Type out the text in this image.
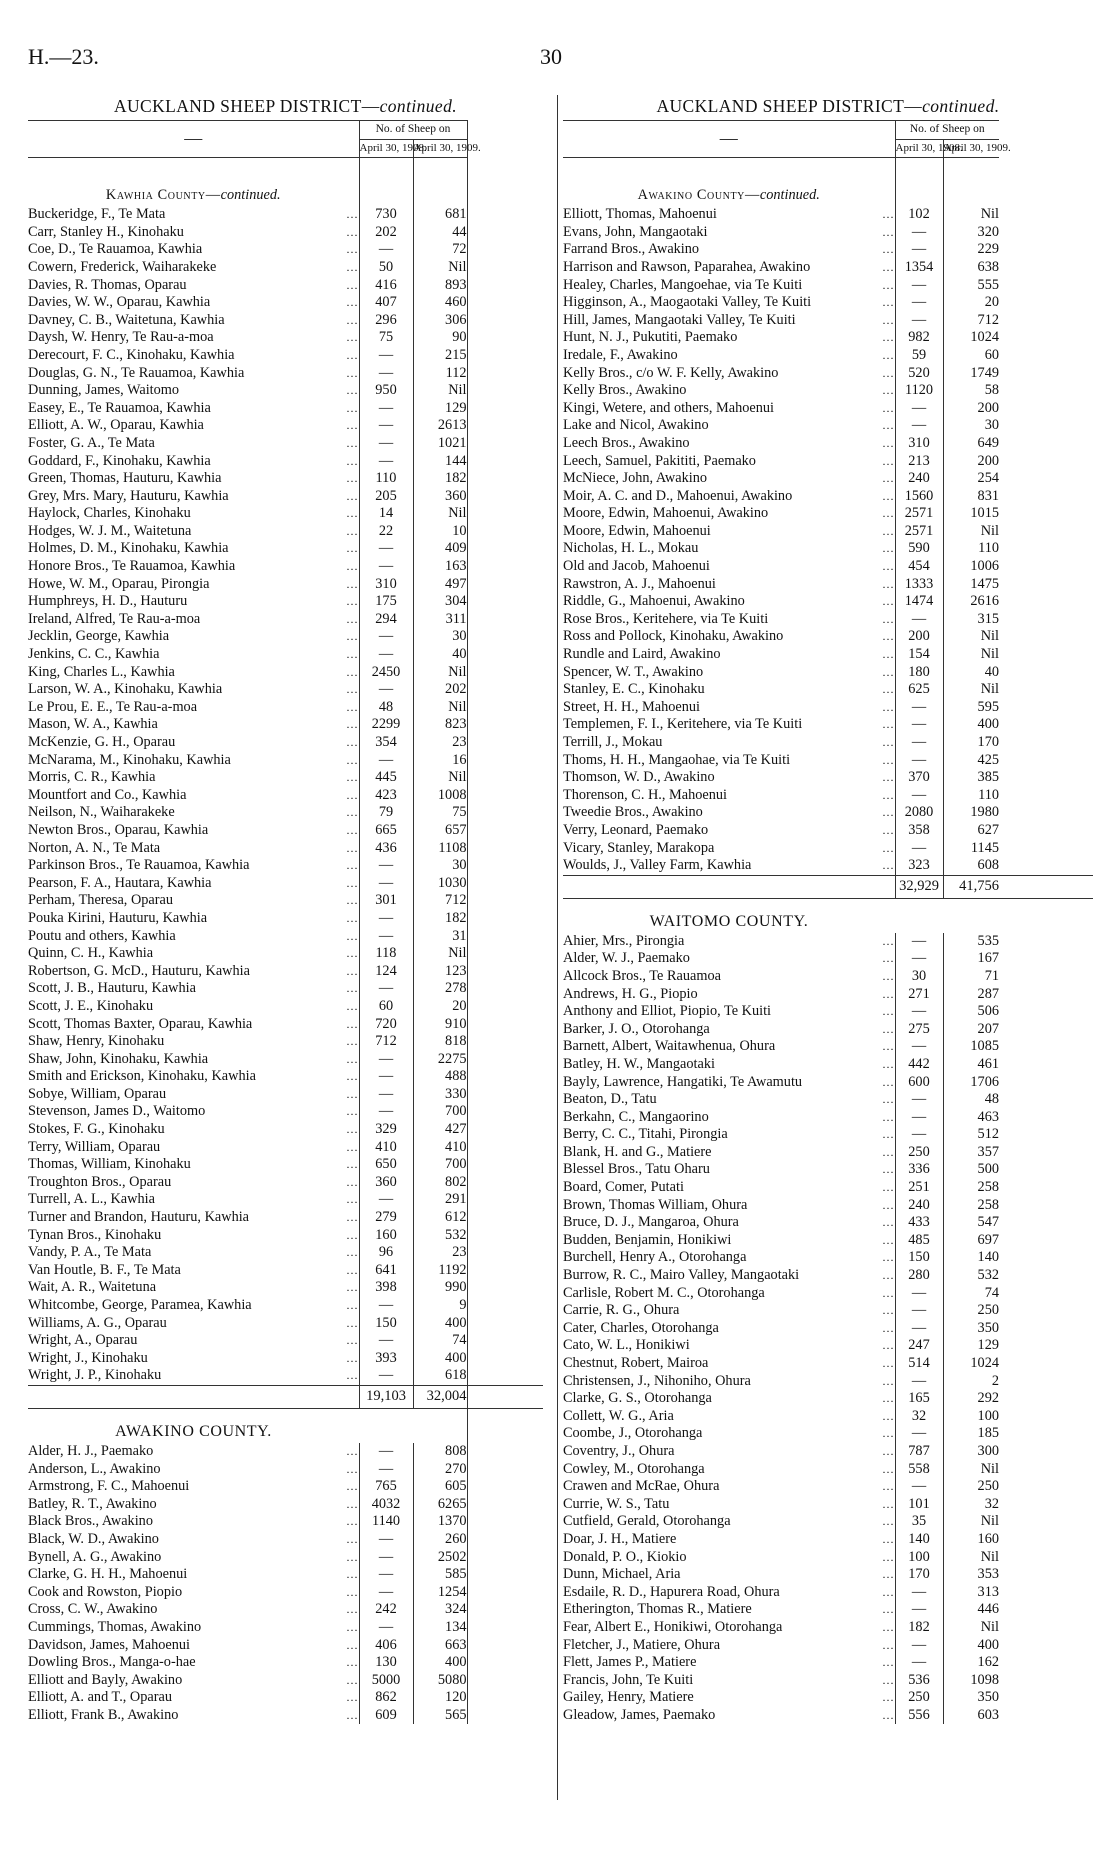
H.—23.	30
AUCKLAND SHEEP DISTRICT—continued.
—		No. of Sheep on		
		April 30, 1908.	April 30, 1909.	

Kawhia County—continued.				
Buckeridge, F., Te Mata	...	730	681	
Carr, Stanley H., Kinohaku	...	202	44	
Coe, D., Te Rauamoa, Kawhia	...	—	72	
Cowern, Frederick, Waiharakeke	...	50	Nil	
Davies, R. Thomas, Oparau	...	416	893	
Davies, W. W., Oparau, Kawhia	...	407	460	
Davney, C. B., Waitetuna, Kawhia	...	296	306	
Daysh, W. Henry, Te Rau-a-moa	...	75	90	
Derecourt, F. C., Kinohaku, Kawhia	...	—	215	
Douglas, G. N., Te Rauamoa, Kawhia	...	—	112	
Dunning, James, Waitomo	...	950	Nil	
Easey, E., Te Rauamoa, Kawhia	...	—	129	
Elliott, A. W., Oparau, Kawhia	...	—	2613	
Foster, G. A., Te Mata	...	—	1021	
Goddard, F., Kinohaku, Kawhia	...	—	144	
Green, Thomas, Hauturu, Kawhia	...	110	182	
Grey, Mrs. Mary, Hauturu, Kawhia	...	205	360	
Haylock, Charles, Kinohaku	...	14	Nil	
Hodges, W. J. M., Waitetuna	...	22	10	
Holmes, D. M., Kinohaku, Kawhia	...	—	409	
Honore Bros., Te Rauamoa, Kawhia	...	—	163	
Howe, W. M., Oparau, Pirongia	...	310	497	
Humphreys, H. D., Hauturu	...	175	304	
Ireland, Alfred, Te Rau-a-moa	...	294	311	
Jecklin, George, Kawhia	...	—	30	
Jenkins, C. C., Kawhia	...	—	40	
King, Charles L., Kawhia	...	2450	Nil	
Larson, W. A., Kinohaku, Kawhia	...	—	202	
Le Prou, E. E., Te Rau-a-moa	...	48	Nil	
Mason, W. A., Kawhia	...	2299	823	
McKenzie, G. H., Oparau	...	354	23	
McNarama, M., Kinohaku, Kawhia	...	—	16	
Morris, C. R., Kawhia	...	445	Nil	
Mountfort and Co., Kawhia	...	423	1008	
Neilson, N., Waiharakeke	...	79	75	
Newton Bros., Oparau, Kawhia	...	665	657	
Norton, A. N., Te Mata	...	436	1108	
Parkinson Bros., Te Rauamoa, Kawhia	...	—	30	
Pearson, F. A., Hautara, Kawhia	...	—	1030	
Perham, Theresa, Oparau	...	301	712	
Pouka Kirini, Hauturu, Kawhia	...	—	182	
Poutu and others, Kawhia	...	—	31	
Quinn, C. H., Kawhia	...	118	Nil	
Robertson, G. McD., Hauturu, Kawhia	...	124	123	
Scott, J. B., Hauturu, Kawhia	...	—	278	
Scott, J. E., Kinohaku	...	60	20	
Scott, Thomas Baxter, Oparau, Kawhia	...	720	910	
Shaw, Henry, Kinohaku	...	712	818	
Shaw, John, Kinohaku, Kawhia	...	—	2275	
Smith and Erickson, Kinohaku, Kawhia	...	—	488	
Sobye, William, Oparau	...	—	330	
Stevenson, James D., Waitomo	...	—	700	
Stokes, F. G., Kinohaku	...	329	427	
Terry, William, Oparau	...	410	410	
Thomas, William, Kinohaku	...	650	700	
Troughton Bros., Oparau	...	360	802	
Turrell, A. L., Kawhia	...	—	291	
Turner and Brandon, Hauturu, Kawhia	...	279	612	
Tynan Bros., Kinohaku	...	160	532	
Vandy, P. A., Te Mata	...	96	23	
Van Houtle, B. F., Te Mata	...	641	1192	
Wait, A. R., Waitetuna	...	398	990	
Whitcombe, George, Paramea, Kawhia	...	—	9	
Williams, A. G., Oparau	...	150	400	
Wright, A., Oparau	...	—	74	
Wright, J., Kinohaku	...	393	400	
Wright, J. P., Kinohaku	...	—	618	
		19,103	32,004	
AWAKINO COUNTY.				
Alder, H. J., Paemako	...	—	808	
Anderson, L., Awakino	...	—	270	
Armstrong, F. C., Mahoenui	...	765	605	
Batley, R. T., Awakino	...	4032	6265	
Black Bros., Awakino	...	1140	1370	
Black, W. D., Awakino	...	—	260	
Bynell, A. G., Awakino	...	—	2502	
Clarke, G. H. H., Mahoenui	...	—	585	
Cook and Rowston, Piopio	...	—	1254	
Cross, C. W., Awakino	...	242	324	
Cummings, Thomas, Awakino	...	—	134	
Davidson, James, Mahoenui	...	406	663	
Dowling Bros., Manga-o-hae	...	130	400	
Elliott and Bayly, Awakino	...	5000	5080	
Elliott, A. and T., Oparau	...	862	120	
Elliott, Frank B., Awakino	...	609	565	
AUCKLAND SHEEP DISTRICT—continued.
—		No. of Sheep on		
		April 30, 1908.	April 30, 1909.	

Awakino County—continued.				
Elliott, Thomas, Mahoenui	...	102	Nil	
Evans, John, Mangaotaki	...	—	320	
Farrand Bros., Awakino	...	—	229	
Harrison and Rawson, Paparahea, Awakino	...	1354	638	
Healey, Charles, Mangoehae, via Te Kuiti	...	—	555	
Higginson, A., Maogaotaki Valley, Te Kuiti	...	—	20	
Hill, James, Mangaotaki Valley, Te Kuiti	...	—	712	
Hunt, N. J., Pukutiti, Paemako	...	982	1024	
Iredale, F., Awakino	...	59	60	
Kelly Bros., c/o W. F. Kelly, Awakino	...	520	1749	
Kelly Bros., Awakino	...	1120	58	
Kingi, Wetere, and others, Mahoenui	...	—	200	
Lake and Nicol, Awakino	...	—	30	
Leech Bros., Awakino	...	310	649	
Leech, Samuel, Pakititi, Paemako	...	213	200	
McNiece, John, Awakino	...	240	254	
Moir, A. C. and D., Mahoenui, Awakino	...	1560	831	
Moore, Edwin, Mahoenui, Awakino	...	2571	1015	
Moore, Edwin, Mahoenui	...	2571	Nil	
Nicholas, H. L., Mokau	...	590	110	
Old and Jacob, Mahoenui	...	454	1006	
Rawstron, A. J., Mahoenui	...	1333	1475	
Riddle, G., Mahoenui, Awakino	...	1474	2616	
Rose Bros., Keritehere, via Te Kuiti	...	—	315	
Ross and Pollock, Kinohaku, Awakino	...	200	Nil	
Rundle and Laird, Awakino	...	154	Nil	
Spencer, W. T., Awakino	...	180	40	
Stanley, E. C., Kinohaku	...	625	Nil	
Street, H. H., Mahoenui	...	—	595	
Templemen, F. I., Keritehere, via Te Kuiti	...	—	400	
Terrill, J., Mokau	...	—	170	
Thoms, H. H., Mangaohae, via Te Kuiti	...	—	425	
Thomson, W. D., Awakino	...	370	385	
Thorenson, C. H., Mahoenui	...	—	110	
Tweedie Bros., Awakino	...	2080	1980	
Verry, Leonard, Paemako	...	358	627	
Vicary, Stanley, Marakopa	...	—	1145	
Woulds, J., Valley Farm, Kawhia	...	323	608	
		32,929	41,756	
WAITOMO COUNTY.				
Ahier, Mrs., Pirongia	...	—	535	
Alder, W. J., Paemako	...	—	167	
Allcock Bros., Te Rauamoa	...	30	71	
Andrews, H. G., Piopio	...	271	287	
Anthony and Elliot, Piopio, Te Kuiti	...	—	506	
Barker, J. O., Otorohanga	...	275	207	
Barnett, Albert, Waitawhenua, Ohura	...	—	1085	
Batley, H. W., Mangaotaki	...	442	461	
Bayly, Lawrence, Hangatiki, Te Awamutu	...	600	1706	
Beaton, D., Tatu	...	—	48	
Berkahn, C., Mangaorino	...	—	463	
Berry, C. C., Titahi, Pirongia	...	—	512	
Blank, H. and G., Matiere	...	250	357	
Blessel Bros., Tatu Oharu	...	336	500	
Board, Comer, Putati	...	251	258	
Brown, Thomas William, Ohura	...	240	258	
Bruce, D. J., Mangaroa, Ohura	...	433	547	
Budden, Benjamin, Honikiwi	...	485	697	
Burchell, Henry A., Otorohanga	...	150	140	
Burrow, R. C., Mairo Valley, Mangaotaki	...	280	532	
Carlisle, Robert M. C., Otorohanga	...	—	74	
Carrie, R. G., Ohura	...	—	250	
Cater, Charles, Otorohanga	...	—	350	
Cato, W. L., Honikiwi	...	247	129	
Chestnut, Robert, Mairoa	...	514	1024	
Christensen, J., Nihoniho, Ohura	...	—	2	
Clarke, G. S., Otorohanga	...	165	292	
Collett, W. G., Aria	...	32	100	
Coombe, J., Otorohanga	...	—	185	
Coventry, J., Ohura	...	787	300	
Cowley, M., Otorohanga	...	558	Nil	
Crawen and McRae, Ohura	...	—	250	
Currie, W. S., Tatu	...	101	32	
Cutfield, Gerald, Otorohanga	...	35	Nil	
Doar, J. H., Matiere	...	140	160	
Donald, P. O., Kiokio	...	100	Nil	
Dunn, Michael, Aria	...	170	353	
Esdaile, R. D., Hapurera Road, Ohura	...	—	313	
Etherington, Thomas R., Matiere	...	—	446	
Fear, Albert E., Honikiwi, Otorohanga	...	182	Nil	
Fletcher, J., Matiere, Ohura	...	—	400	
Flett, James P., Matiere	...	—	162	
Francis, John, Te Kuiti	...	536	1098	
Gailey, Henry, Matiere	...	250	350	
Gleadow, James, Paemako	...	556	603	
